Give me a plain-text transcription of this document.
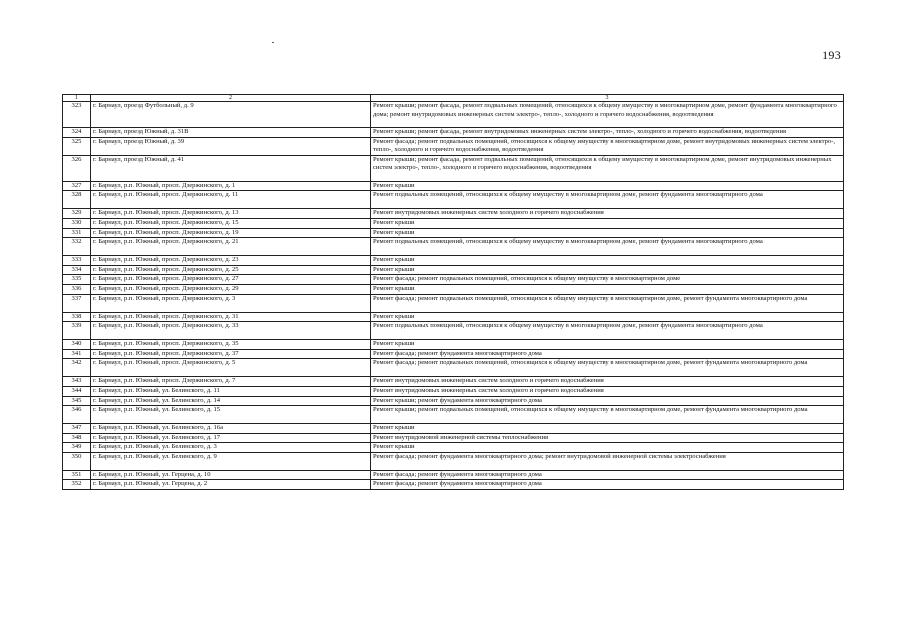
193
1	2	3
323	г. Барнаул, проезд Футбольный, д. 9	Ремонт крыши; ремонт фасада, ремонт подвальных помещений, относящихся к общему имуществу в многоквартирном доме, ремонт фундамента многоквартирного дома; ремонт внутридомовых инженерных систем электро-, тепло-, холодного и горячего водоснабжения, водоотведения
324	г. Барнаул, проезд Южный, д. 31В	Ремонт крыши; ремонт фасада, ремонт внутридомовых инженерных систем электро-, тепло-, холодного и горячего водоснабжения, водоотведения
325	г. Барнаул, проезд Южный, д. 39	Ремонт фасада; ремонт подвальных помещений, относящихся к общему имуществу в многоквартирном доме, ремонт внутридомовых инженерных систем электро-, тепло-, холодного и горячего водоснабжения, водоотведения
326	г. Барнаул, проезд Южный, д. 41	Ремонт крыши; ремонт фасада, ремонт подвальных помещений, относящихся к общему имуществу в многоквартирном доме, ремонт внутридомовых инженерных систем электро-, тепло-, холодного и горячего водоснабжения, водоотведения
327	г. Барнаул, р.п. Южный, просп. Дзержинского, д. 1	Ремонт крыши
328	г. Барнаул, р.п. Южный, просп. Дзержинского, д. 11	Ремонт подвальных помещений, относящихся к общему имуществу в многоквартирном доме, ремонт фундамента многоквартирного дома
329	г. Барнаул, р.п. Южный, просп. Дзержинского, д. 13	Ремонт внутридомовых инженерных систем холодного и горячего водоснабжения
330	г. Барнаул, р.п. Южный, просп. Дзержинского, д. 15	Ремонт крыши
331	г. Барнаул, р.п. Южный, просп. Дзержинского, д. 19	Ремонт крыши
332	г. Барнаул, р.п. Южный, просп. Дзержинского, д. 21	Ремонт подвальных помещений, относящихся к общему имуществу в многоквартирном доме, ремонт фундамента многоквартирного дома
333	г. Барнаул, р.п. Южный, просп. Дзержинского, д. 23	Ремонт крыши
334	г. Барнаул, р.п. Южный, просп. Дзержинского, д. 25	Ремонт крыши
335	г. Барнаул, р.п. Южный, просп. Дзержинского, д. 27	Ремонт фасада; ремонт подвальных помещений, относящихся к общему имуществу в многоквартирном доме
336	г. Барнаул, р.п. Южный, просп. Дзержинского, д. 29	Ремонт крыши
337	г. Барнаул, р.п. Южный, просп. Дзержинского, д. 3	Ремонт фасада; ремонт подвальных помещений, относящихся к общему имуществу в многоквартирном доме, ремонт фундамента многоквартирного дома
338	г. Барнаул, р.п. Южный, просп. Дзержинского, д. 31	Ремонт крыши
339	г. Барнаул, р.п. Южный, просп. Дзержинского, д. 33	Ремонт подвальных помещений, относящихся к общему имуществу в многоквартирном доме, ремонт фундамента многоквартирного дома
340	г. Барнаул, р.п. Южный, просп. Дзержинского, д. 35	Ремонт крыши
341	г. Барнаул, р.п. Южный, просп. Дзержинского, д. 37	Ремонт фасада; ремонт фундамента многоквартирного дома
342	г. Барнаул, р.п. Южный, просп. Дзержинского, д. 5	Ремонт фасада; ремонт подвальных помещений, относящихся к общему имуществу в многоквартирном доме, ремонт фундамента многоквартирного дома
343	г. Барнаул, р.п. Южный, просп. Дзержинского, д. 7	Ремонт внутридомовых инженерных систем холодного и горячего водоснабжения
344	г. Барнаул, р.п. Южный, ул. Белинского, д. 11	Ремонт внутридомовых инженерных систем холодного и горячего водоснабжения
345	г. Барнаул, р.п. Южный, ул. Белинского, д. 14	Ремонт крыши; ремонт фундамента многоквартирного дома
346	г. Барнаул, р.п. Южный, ул. Белинского, д. 15	Ремонт крыши; ремонт подвальных помещений, относящихся к общему имуществу в многоквартирном доме, ремонт фундамента многоквартирного дома
347	г. Барнаул, р.п. Южный, ул. Белинского, д. 16а	Ремонт крыши
348	г. Барнаул, р.п. Южный, ул. Белинского, д. 17	Ремонт внутридомовой инженерной системы теплоснабжения
349	г. Барнаул, р.п. Южный, ул. Белинского, д. 3	Ремонт крыши
350	г. Барнаул, р.п. Южный, ул. Белинского, д. 9	Ремонт фасада; ремонт фундамента многоквартирного дома; ремонт внутридомовой инженерной системы электроснабжения
351	г. Барнаул, р.п. Южный, ул. Герцена, д. 10	Ремонт фасада; ремонт фундамента многоквартирного дома
352	г. Барнаул, р.п. Южный, ул. Герцена, д. 2	Ремонт фасада; ремонт фундамента многоквартирного дома
